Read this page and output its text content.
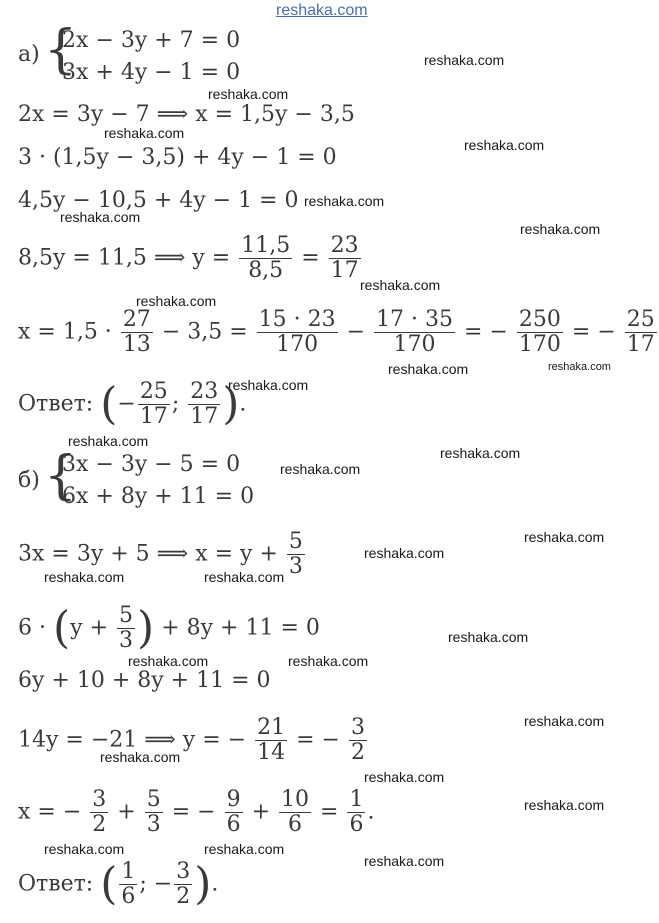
reshaka.com
reshaka.com
reshaka.com
reshaka.com
reshaka.com
reshaka.com
reshaka.com
reshaka.com
reshaka.com
reshaka.com
reshaka.com	reshaka.com
reshaka.com
reshaka.com
reshaka.com
reshaka.com
reshaka.com
reshaka.com
reshaka.com	reshaka.com
reshaka.com
reshaka.com	reshaka.com
reshaka.com
reshaka.com
reshaka.com
reshaka.com
reshaka.com	reshaka.com
reshaka.com
а) {
2x − 3y + 7 = 0
3x + 4y − 1 = 0
2x = 3y − 7 ⟹ x = 1,5y − 3,5
3 · (1,5y − 3,5) + 4y − 1 = 0
4,5y − 10,5 + 4y − 1 = 0
8,5y = 11,5 ⟹ $y = \frac{11,5}{8,5} = \frac{23}{17}$
$x = 1,5 \cdot \frac{27}{13} - 3,5 = \frac{15 \cdot 23}{170} - \frac{17 \cdot 35}{170}$ = − $\frac{250}{170}$ = − $\frac{25}{17}$
Ответ: (− $\frac{25}{17}$ ; $\frac{23}{17}$ ).
б) {
3x − 3y − 5 = 0
6x + 8y + 11 = 0
3x = 3y + 5 ⟹ $x = y + \frac{5}{3}$
$6 \cdot (y + \frac{5}{3}$ ) + 8y + 11 = 0
6y + 10 + 8y + 11 = 0
14y = −21 ⟹ y = − $\frac{21}{14}$ = − $\frac{3}{2}$
x = − $\frac{3}{2} + \frac{5}{3}$ = − $\frac{9}{6} + \frac{10}{6} = \frac{1}{6}$ .
Ответ: ( $\frac{1}{6}$ ; − $\frac{3}{2}$ ).
